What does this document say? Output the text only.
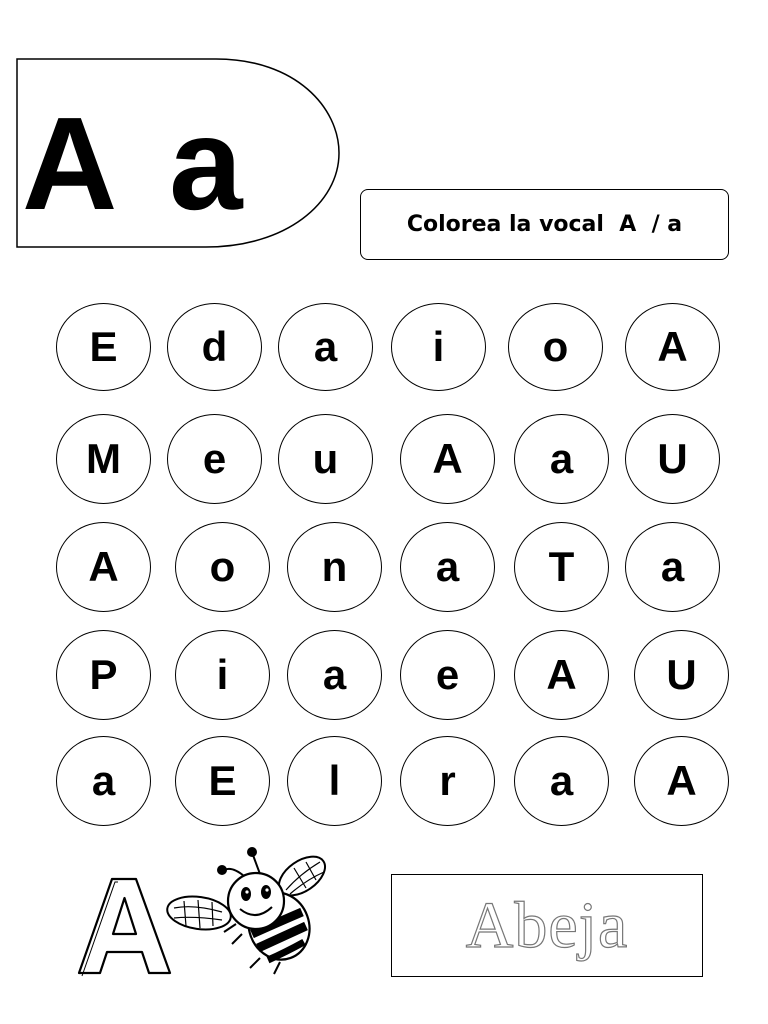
A a	Colorea la vocal  A  / a
E	d	a	i	o	A
M	e	u	A	a	U
A	o	n	a	T	a
P	i	a	e	A	U
a	E	l	r	a	A
Abeja
